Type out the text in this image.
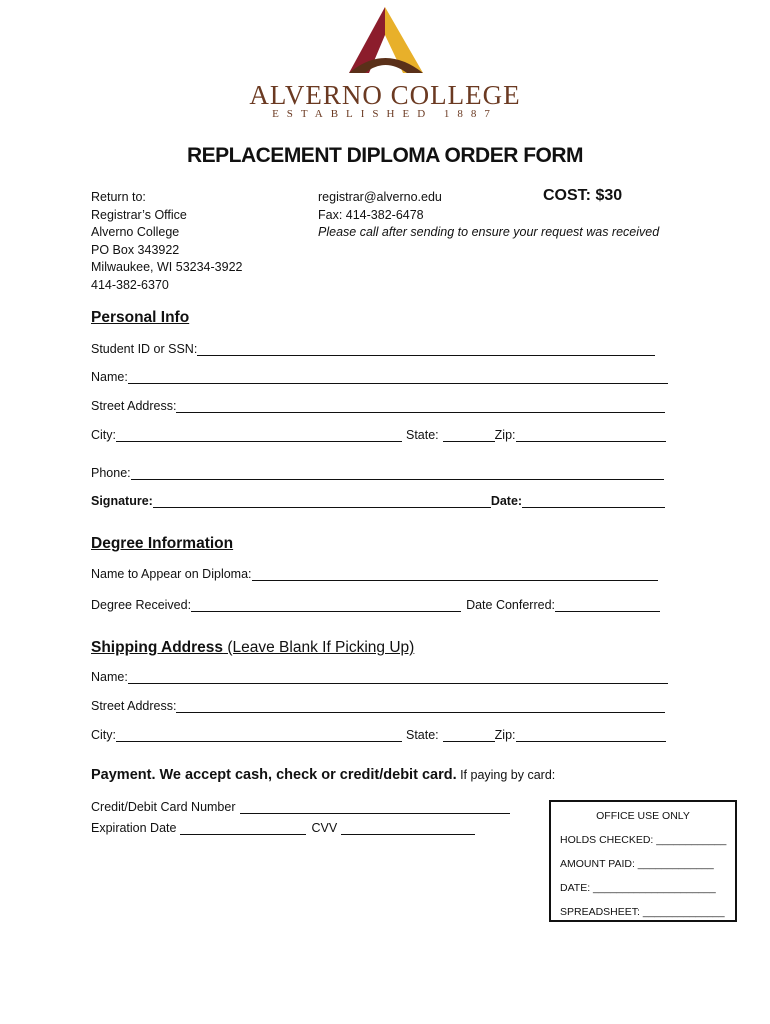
ALVERNO COLLEGE
ESTABLISHED 1887
REPLACEMENT DIPLOMA ORDER FORM
Return to:
Registrar’s Office
Alverno College
PO Box 343922
Milwaukee, WI 53234-3922
414-382-6370
registrar@alverno.edu
Fax: 414-382-6478
Please call after sending to ensure your request was received
COST: $30
Personal Info
Student ID or SSN:
Name:
Street Address:
City:	State:	Zip:
Phone:
Signature:	Date:
Degree Information
Name to Appear on Diploma:
Degree Received:	Date Conferred:
Shipping Address (Leave Blank If Picking Up)
Name:
Street Address:
City:	State:	Zip:
Payment. We accept cash, check or credit/debit card. If paying by card:
Credit/Debit Card Number
Expiration Date	CVV
OFFICE USE ONLY
HOLDS CHECKED: ____________
AMOUNT PAID: _____________
DATE: _____________________
SPREADSHEET: ______________
